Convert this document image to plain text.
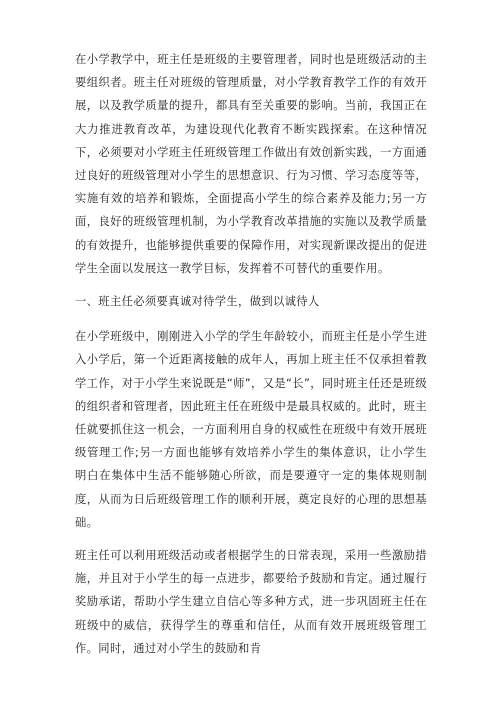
在小学教学中，班主任是班级的主要管理者，同时也是班级活动的主要组织者。班主任对班级的管理质量，对小学教育教学工作的有效开展，以及教学质量的提升，都具有至关重要的影响。当前，我国正在大力推进教育改革，为建设现代化教育不断实践探索。在这种情况下，必须要对小学班主任班级管理工作做出有效创新实践，一方面通过良好的班级管理对小学生的思想意识、行为习惯、学习态度等等，实施有效的培养和锻炼，全面提高小学生的综合素养及能力;另一方面，良好的班级管理机制，为小学教育改革措施的实施以及教学质量的有效提升，也能够提供重要的保障作用，对实现新课改提出的促进学生全面以发展这一教学目标，发挥着不可替代的重要作用。

一、班主任必须要真诚对待学生，做到以诚待人

在小学班级中，刚刚进入小学的学生年龄较小，而班主任是小学生进入小学后，第一个近距离接触的成年人，再加上班主任不仅承担着教学工作，对于小学生来说既是“师”，又是“长”，同时班主任还是班级的组织者和管理者，因此班主任在班级中是最具权威的。此时，班主任就要抓住这一机会，一方面利用自身的权威性在班级中有效开展班级管理工作;另一方面也能够有效培养小学生的集体意识，让小学生明白在集体中生活不能够随心所欲，而是要遵守一定的集体规则制度，从而为日后班级管理工作的顺利开展，奠定良好的心理的思想基础。

班主任可以利用班级活动或者根据学生的日常表现，采用一些激励措施，并且对于小学生的每一点进步，都要给予鼓励和肯定。通过履行奖励承诺，帮助小学生建立自信心等多种方式，进一步巩固班主任在班级中的威信，获得学生的尊重和信任，从而有效开展班级管理工作。同时，通过对小学生的鼓励和肯
